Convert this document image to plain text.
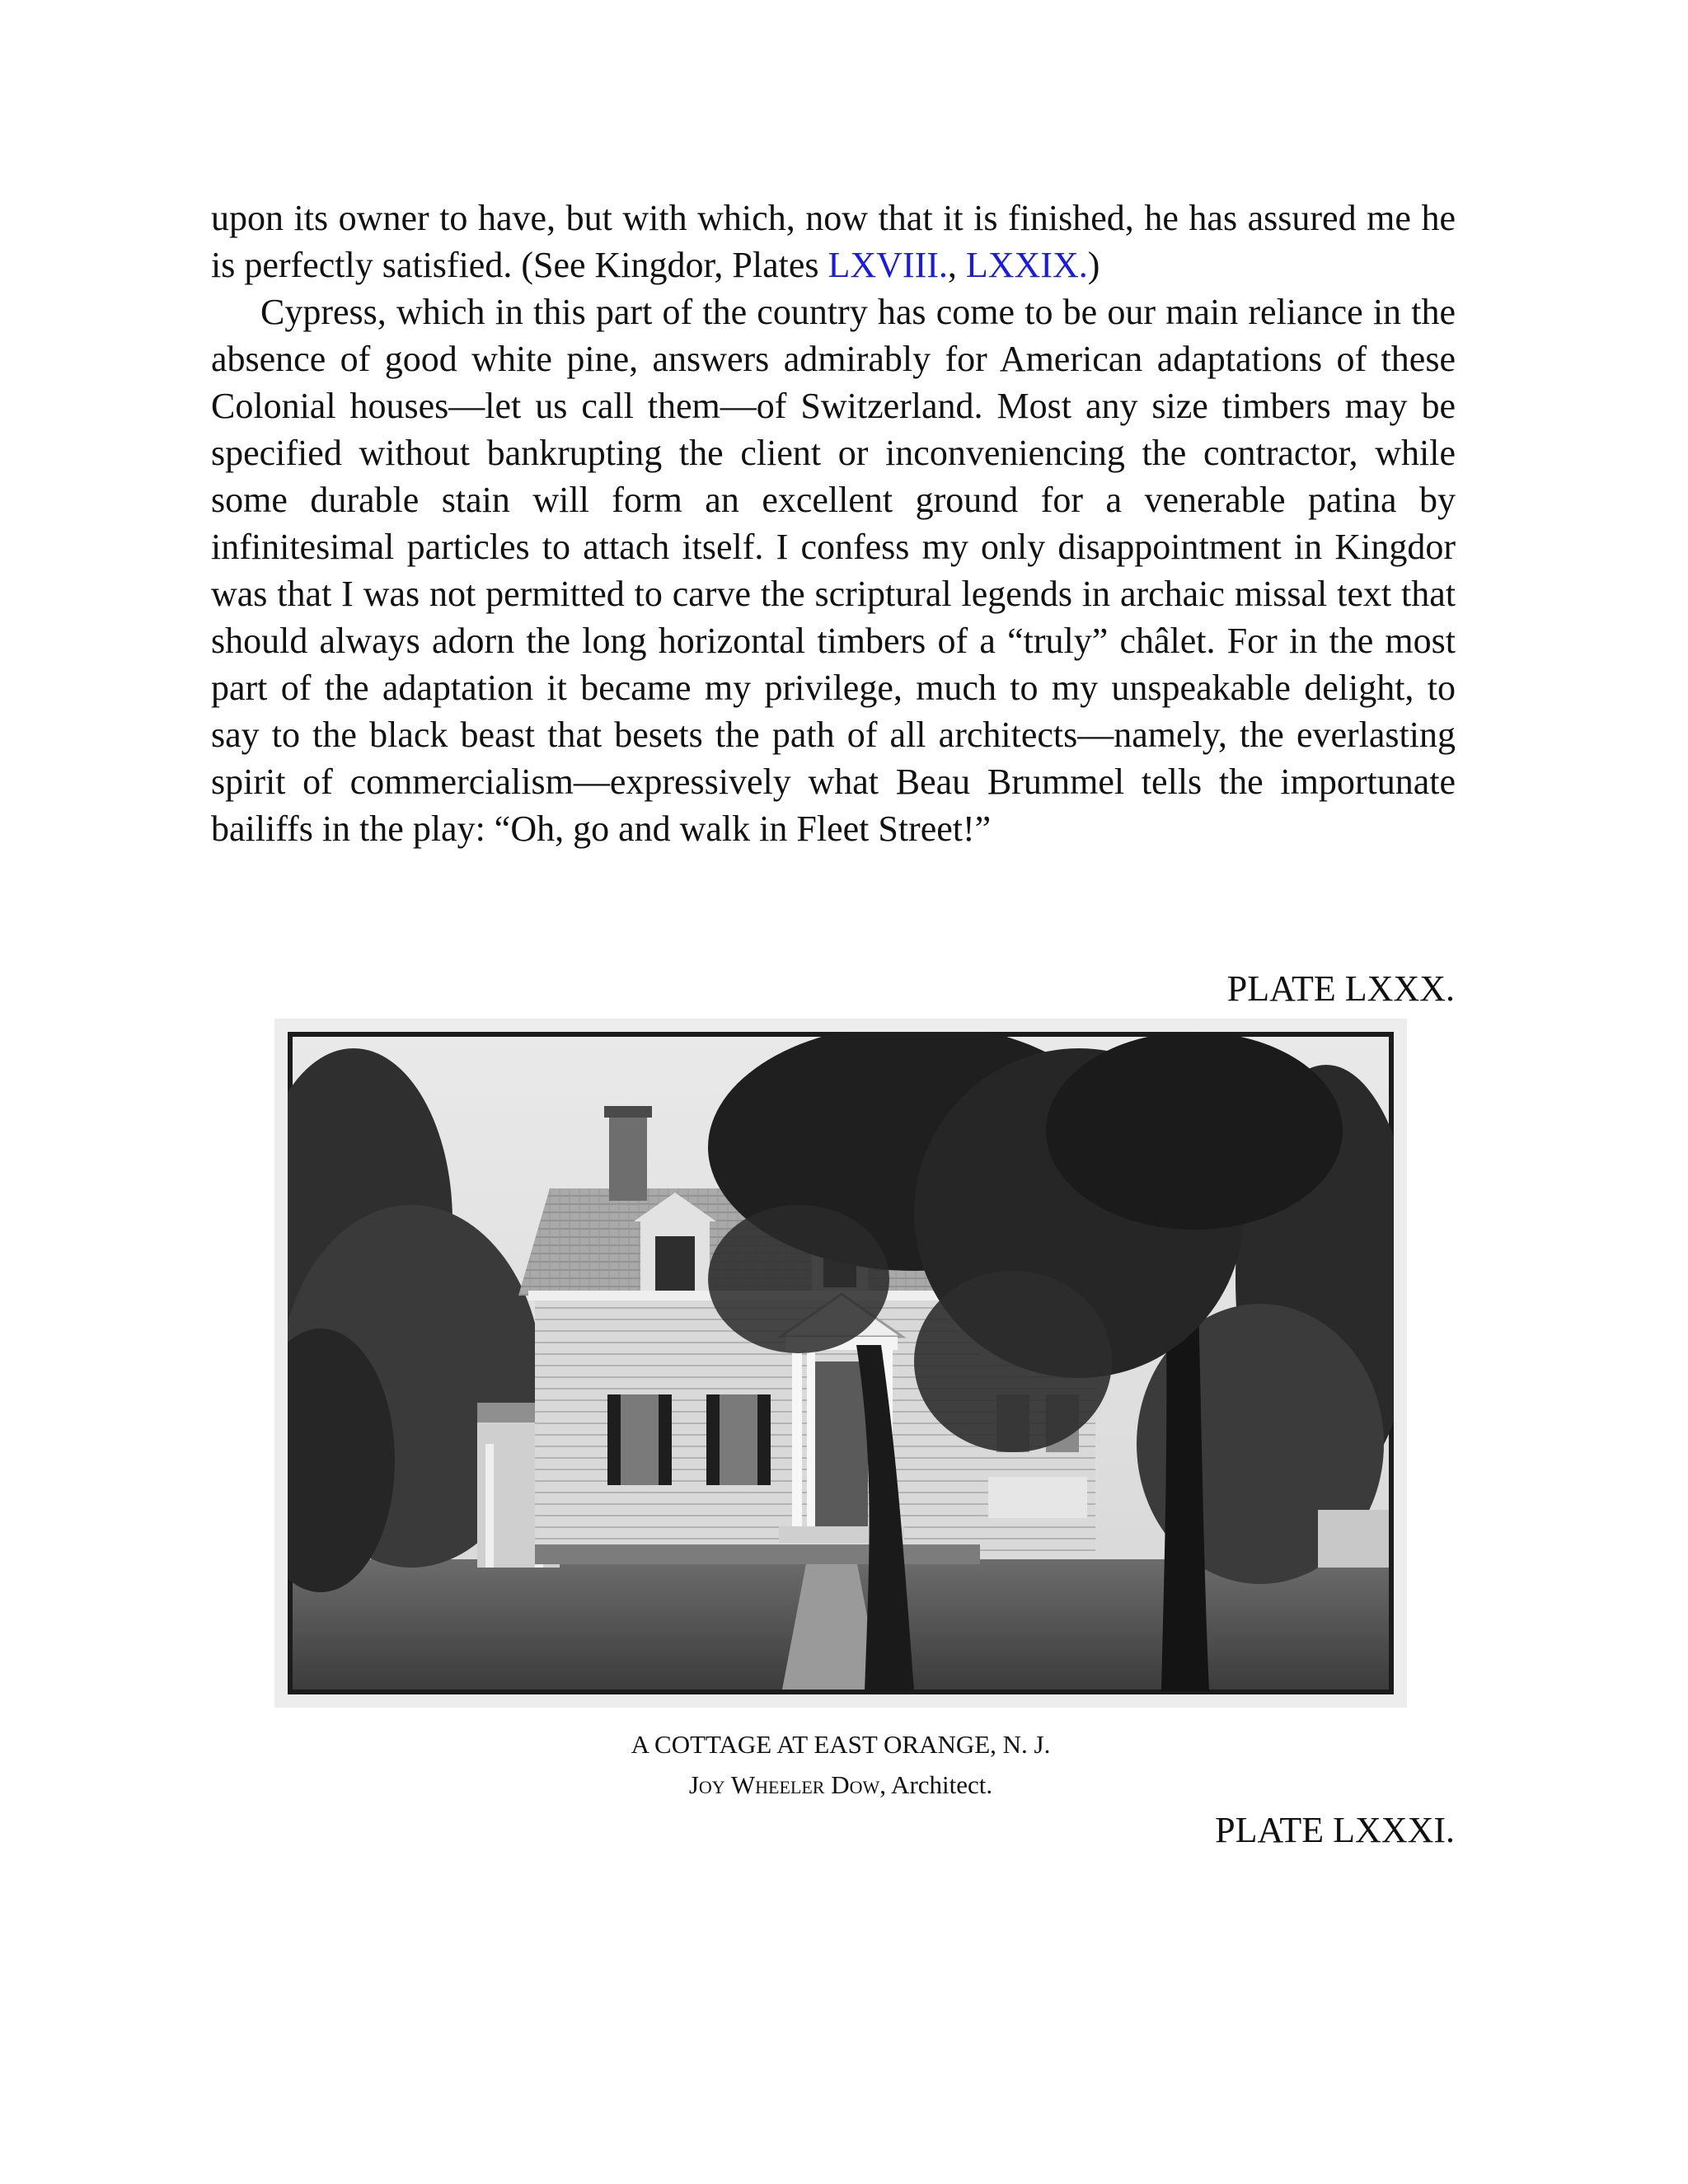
upon its owner to have, but with which, now that it is finished, he has assured me he is perfectly satisfied. (See Kingdor, Plates LXVIII., LXXIX.)

Cypress, which in this part of the country has come to be our main reliance in the absence of good white pine, answers admirably for American adaptations of these Colonial houses—let us call them—of Switzerland. Most any size timbers may be specified without bankrupting the client or inconveniencing the contractor, while some durable stain will form an excellent ground for a venerable patina by infinitesimal particles to attach itself. I confess my only disappointment in Kingdor was that I was not permitted to carve the scriptural legends in archaic missal text that should always adorn the long horizontal timbers of a “truly” châlet. For in the most part of the adaptation it became my privilege, much to my unspeakable delight, to say to the black beast that besets the path of all architects—namely, the everlasting spirit of commercialism—expressively what Beau Brummel tells the importunate bailiffs in the play: “Oh, go and walk in Fleet Street!”

PLATE LXXX.
A COTTAGE AT EAST ORANGE, N. J.
Joy Wheeler Dow, Architect.
PLATE LXXXI.
